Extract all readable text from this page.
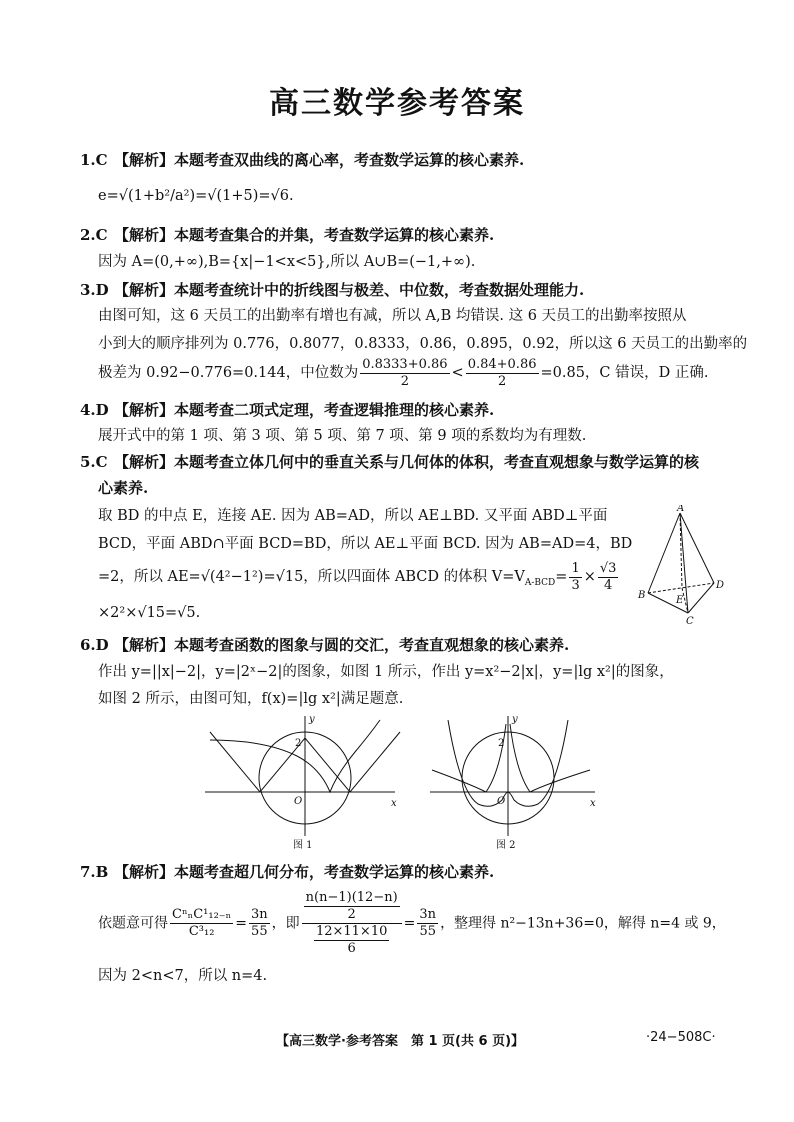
高三数学参考答案
1.C 【解析】本题考查双曲线的离心率，考查数学运算的核心素养.
e=√(1+b²/a²)=√(1+5)=√6.
2.C 【解析】本题考查集合的并集，考查数学运算的核心素养.
因为 A=(0,+∞),B={x|−1<x<5},所以 A∪B=(−1,+∞).
3.D 【解析】本题考查统计中的折线图与极差、中位数，考查数据处理能力.
由图可知，这 6 天员工的出勤率有增也有减，所以 A,B 均错误. 这 6 天员工的出勤率按照从
小到大的顺序排列为 0.776，0.8077，0.8333，0.86，0.895，0.92，所以这 6 天员工的出勤率的
极差为 0.92−0.776=0.144，中位数为 $\frac{0.8333+0.86}{2} < \frac{0.84+0.86}{2} =0.85$，C 错误，D 正确.
4.D 【解析】本题考查二项式定理，考查逻辑推理的核心素养.
展开式中的第 1 项、第 3 项、第 5 项、第 7 项、第 9 项的系数均为有理数.
5.C 【解析】本题考查立体几何中的垂直关系与几何体的体积，考查直观想象与数学运算的核
心素养.
取 BD 的中点 E，连接 AE. 因为 AB=AD，所以 AE⊥BD. 又平面 ABD⊥平面
BCD，平面 ABD∩平面 BCD=BD，所以 AE⊥平面 BCD. 因为 AB=AD=4，BD
=2，所以 AE=√(4²−1²)=√15，所以四面体 ABCD 的体积 $V=V_{A-BCD}= \frac{1}{3} \times \frac{√3}{4}$
×2²×√15=√5.
A
B
C
D
E
6.D 【解析】本题考查函数的图象与圆的交汇，考查直观想象的核心素养.
作出 y=||x|−2|，y=|2ˣ−2|的图象，如图 1 所示，作出 y=x²−2|x|，y=|lg x²|的图象，
如图 2 所示，由图可知，f(x)=|lg x²|满足题意.
y
x
O
2
图 1
y
x
O
2
图 2
7.B 【解析】本题考查超几何分布，考查数学运算的核心素养.
依题意可得 $\frac{\text{CⁿₙC¹₁₂₋ₙ}}{\text{C³₁₂}} = \frac{3n}{55}$ ，即 $\frac{\frac{n(n-1)(12-n)}{2}}{\frac{12\times 11\times 10}{6}} = \frac{3n}{55}$ ，整理得 n²−13n+36=0，解得 n=4 或 9，
因为 2<n<7，所以 n=4.
【高三数学·参考答案　第 1 页(共 6 页)】	·24−508C·
